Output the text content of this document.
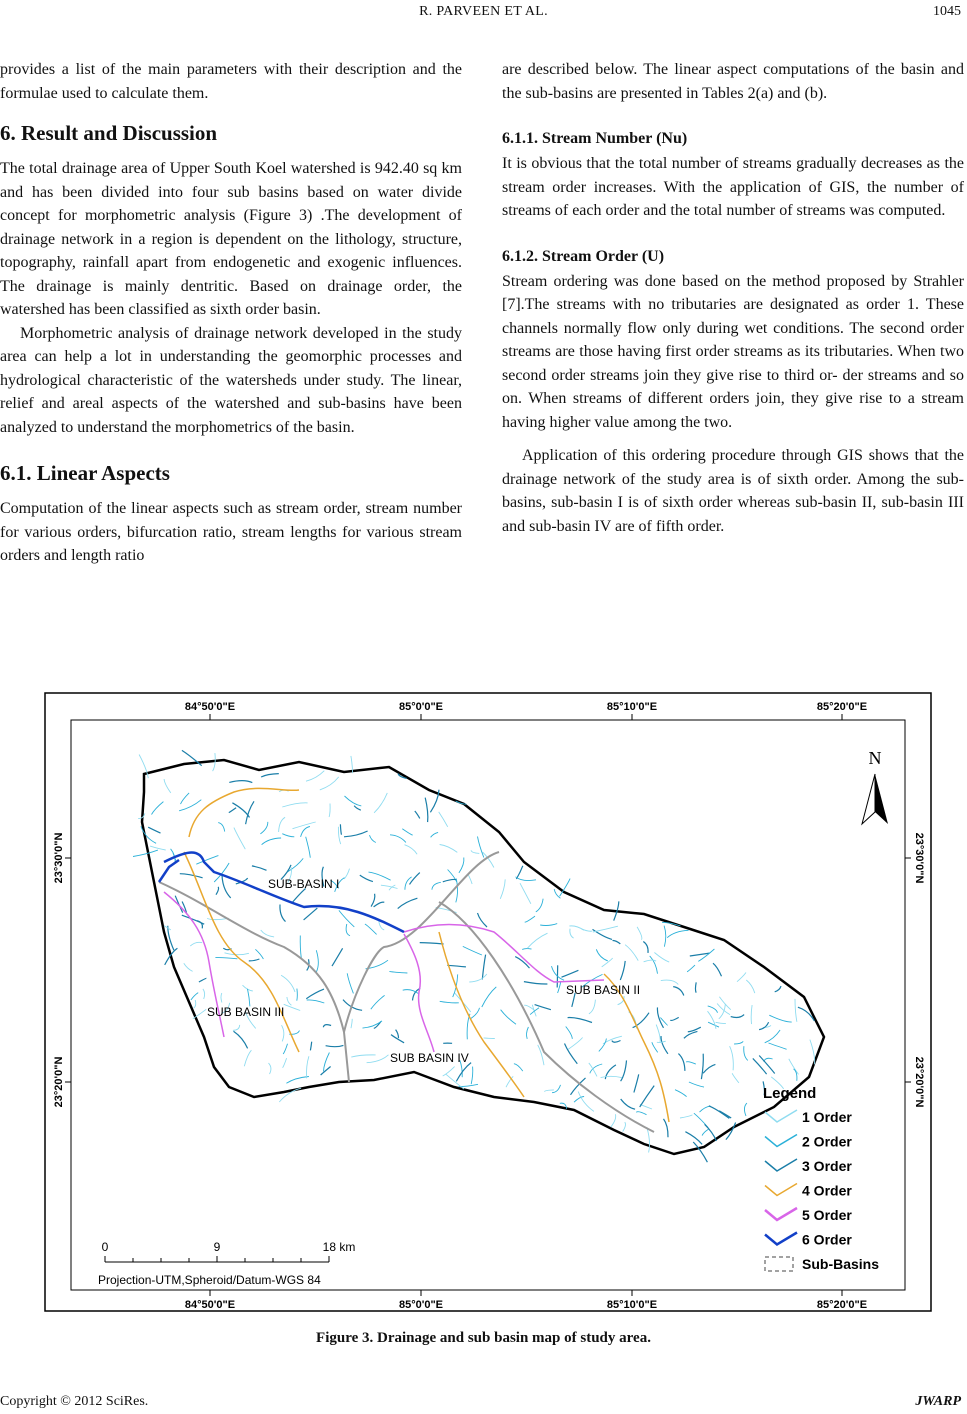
R. PARVEEN ET AL.	1045

provides a list of the main parameters with their description and the formulae used to calculate them.

6. Result and Discussion

The total drainage area of Upper South Koel watershed is 942.40 sq km and has been divided into four sub basins based on water divide concept for morphometric analysis (Figure 3) .The development of drainage network in a region is dependent on the lithology, structure, topography, rainfall apart from endogenetic and exogenic influences. The drainage is mainly dentritic. Based on drainage order, the watershed has been classified as sixth order basin.

Morphometric analysis of drainage network developed in the study area can help a lot in understanding the geomorphic processes and hydrological characteristic of the watersheds under study. The linear, relief and areal aspects of the watershed and sub-basins have been analyzed to understand the morphometrics of the basin.

6.1. Linear Aspects

Computation of the linear aspects such as stream order, stream number for various orders, bifurcation ratio, stream lengths for various stream orders and length ratio

are described below. The linear aspect computations of the basin and the sub-basins are presented in Tables 2(a) and (b).

6.1.1. Stream Number (Nu)

It is obvious that the total number of streams gradually decreases as the stream order increases. With the application of GIS, the number of streams of each order and the total number of streams was computed.

6.1.2. Stream Order (U)

Stream ordering was done based on the method proposed by Strahler [7].The streams with no tributaries are designated as order 1. These channels normally flow only during wet conditions. The second order streams are those having first order streams as its tributaries. When two second order streams join they give rise to third or- der streams and so on. When streams of different orders join, they give rise to a stream having higher value among the two.

Application of this ordering procedure through GIS shows that the drainage network of the study area is of sixth order. Among the sub-basins, sub-basin I is of sixth order whereas sub-basin II, sub-basin III and sub-basin IV are of fifth order.

84°50'0"E	85°0'0"E	85°10'0"E	85°20'0"E
84°50'0"E	85°0'0"E	85°10'0"E	85°20'0"E
23°30'0"N
23°20'0"N
23°30'0"N
23°20'0"N
SUB-BASIN I
SUB BASIN II
SUB BASIN III
SUB BASIN IV
N
Legend
1 Order
2 Order
3 Order
4 Order
5 Order
6 Order
Sub-Basins
0	9	18 km
Projection-UTM,Spheroid/Datum-WGS 84
Figure 3. Drainage and sub basin map of study area.
Copyright © 2012 SciRes.	JWARP
